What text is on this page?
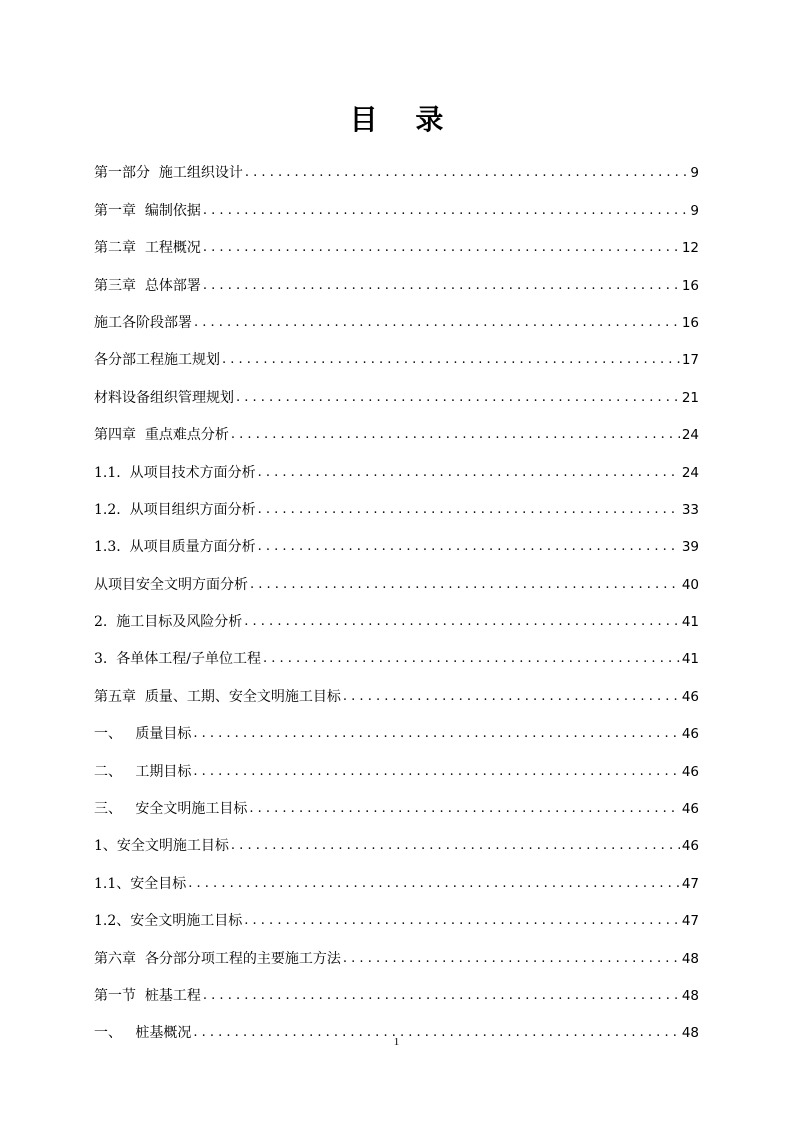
目 录
第一部分  施工组织设计 . . .	9
第一章  编制依据 . . .	9
第二章  工程概况 . . .	12
第三章  总体部署 . . .	16
施工各阶段部署 . . .	16
各分部工程施工规划 . . .	17
材料设备组织管理规划 . . .	21
第四章  重点难点分析 . . .	24
1.1.  从项目技术方面分析 . . .	24
1.2.  从项目组织方面分析 . . .	33
1.3.  从项目质量方面分析 . . .	39
从项目安全文明方面分析 . . .	40
2.  施工目标及风险分析 . . .	41
3.  各单体工程/子单位工程 . . .	41
第五章  质量、工期、安全文明施工目标 . . .	46
一、   质量目标 . . .	46
二、   工期目标 . . .	46
三、   安全文明施工目标 . . .	46
1、安全文明施工目标 . . .	46
1.1、安全目标 . . .	47
1.2、安全文明施工目标 . . .	47
第六章  各分部分项工程的主要施工方法 . . .	48
第一节  桩基工程 . . .	48
一、   桩基概况 . . .	48
1
